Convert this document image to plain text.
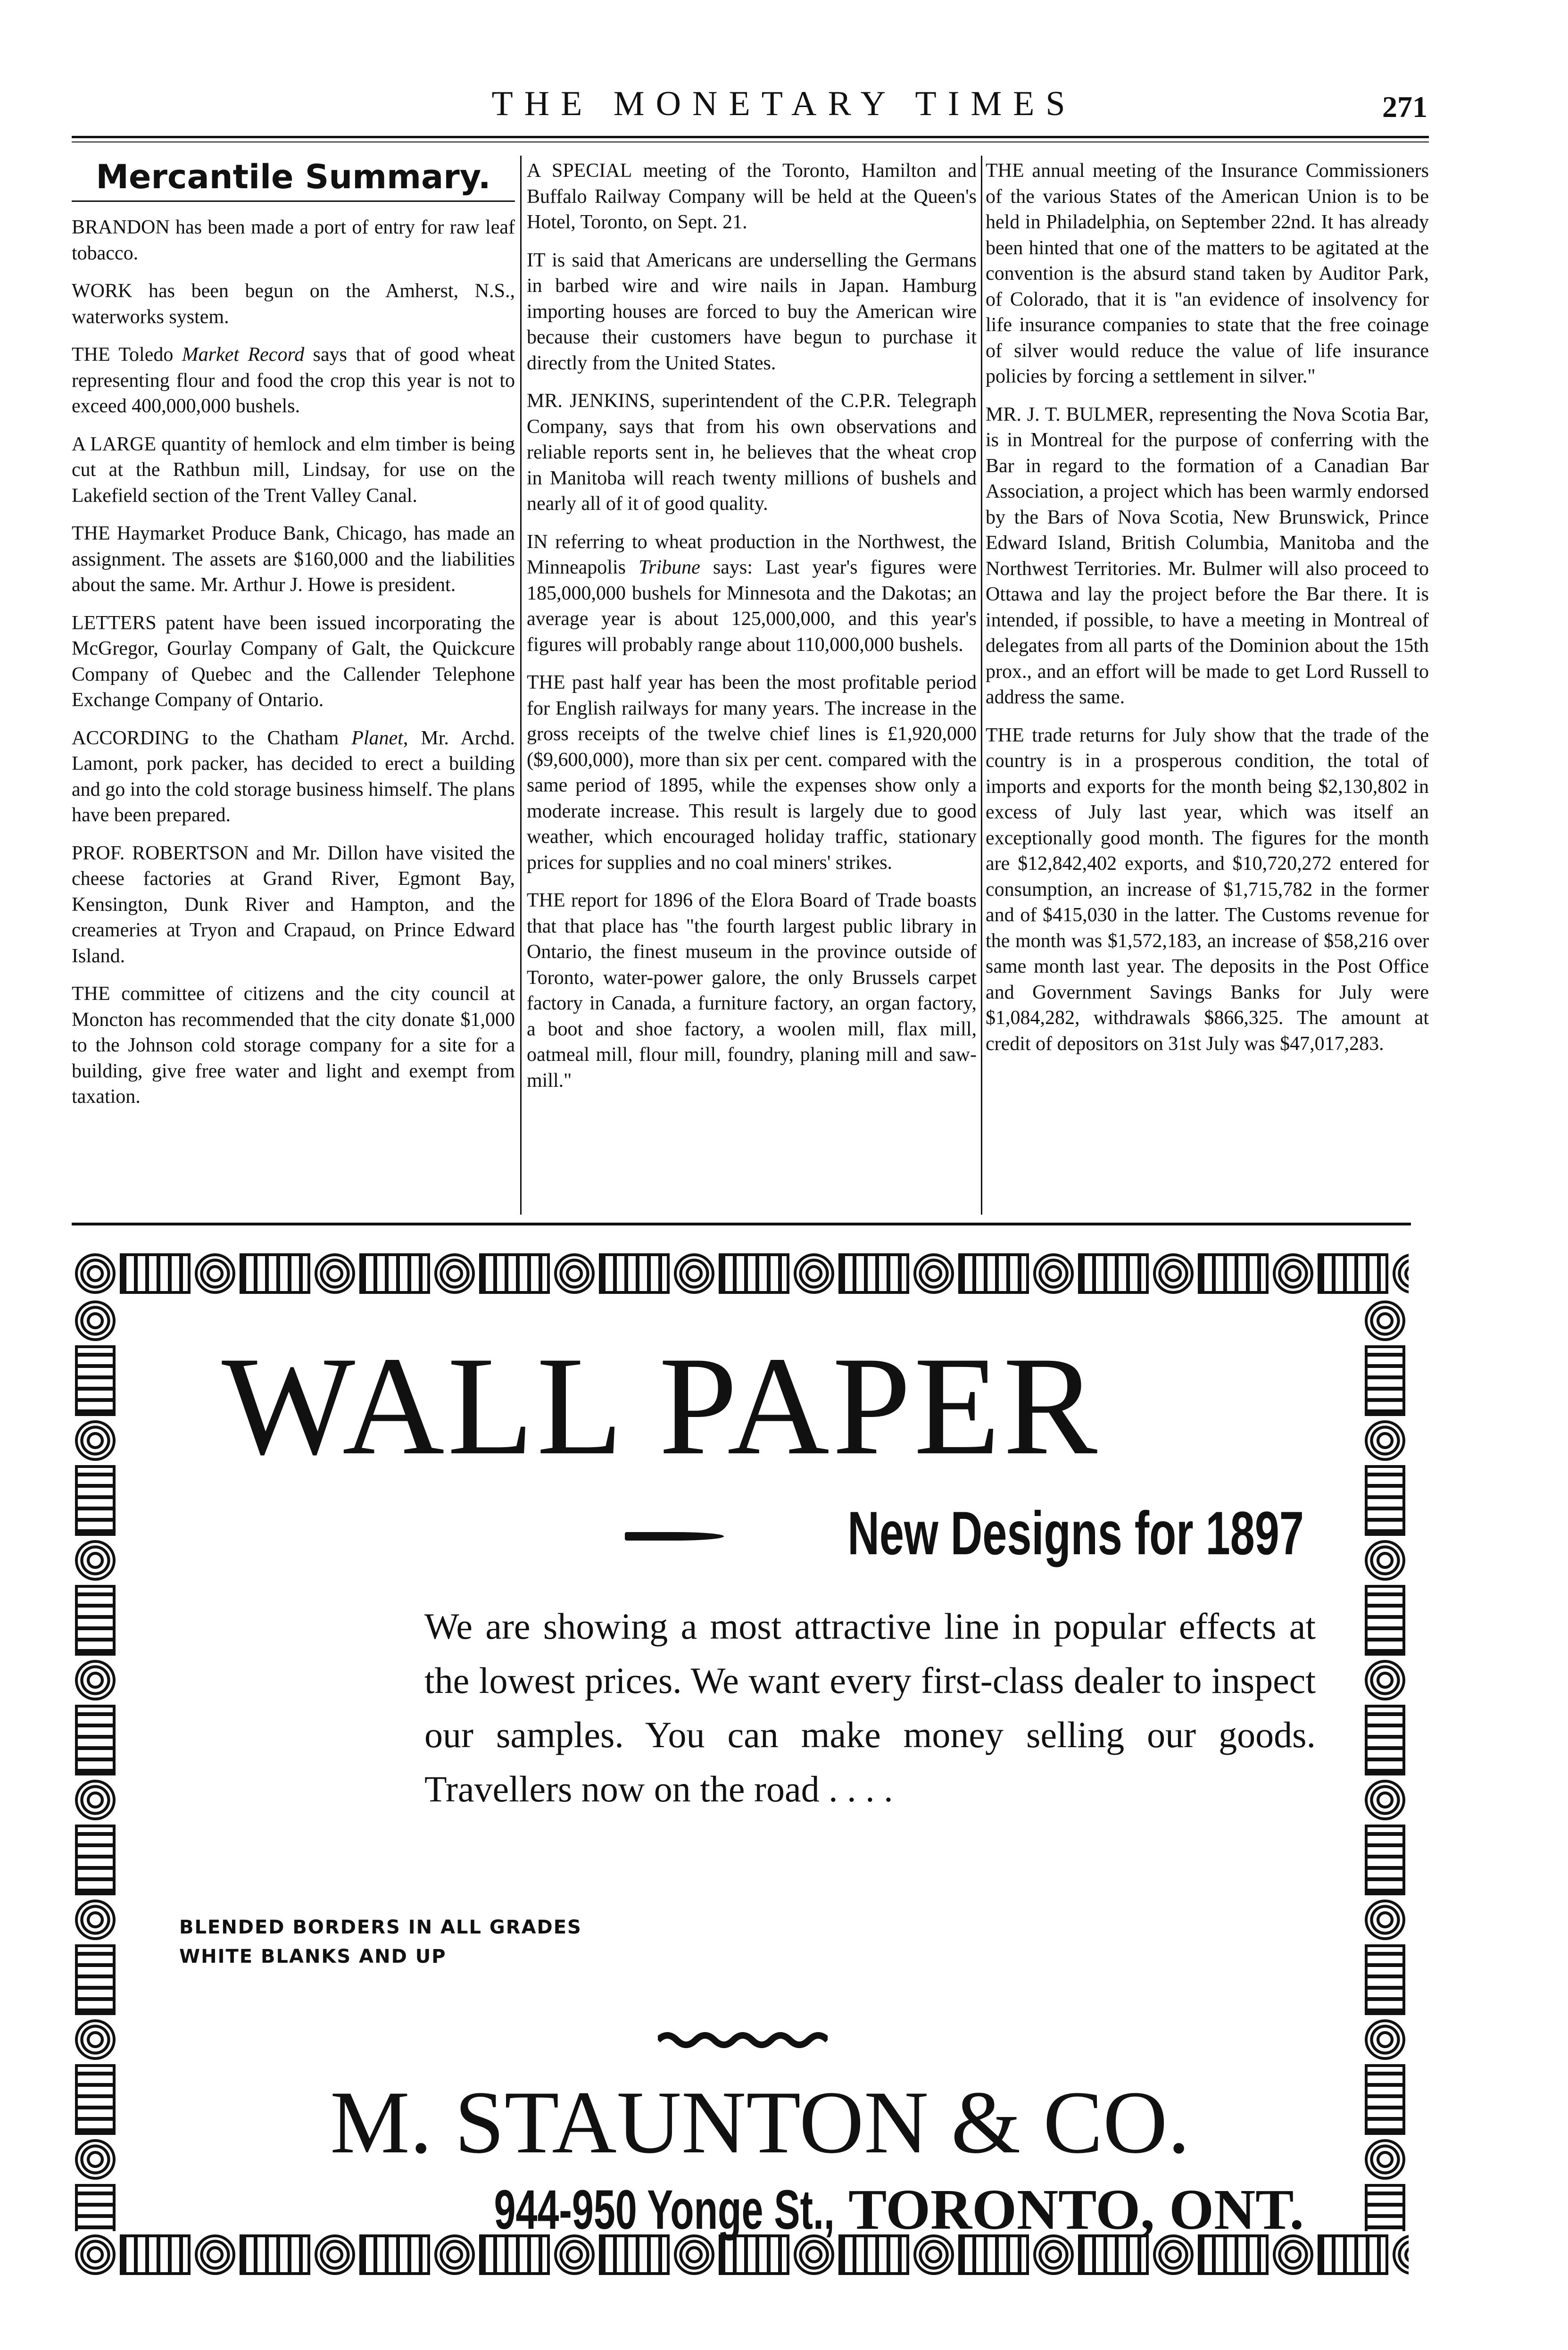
THE MONETARY TIMES	271
Mercantile Summary.

BRANDON has been made a port of entry for raw leaf tobacco.

WORK has been begun on the Amherst, N.S., waterworks system.

THE Toledo Market Record says that of good wheat representing flour and food the crop this year is not to exceed 400,000,000 bushels.

A LARGE quantity of hemlock and elm timber is being cut at the Rathbun mill, Lindsay, for use on the Lakefield section of the Trent Valley Canal.

THE Haymarket Produce Bank, Chicago, has made an assignment. The assets are $160,000 and the liabilities about the same. Mr. Arthur J. Howe is president.

LETTERS patent have been issued incorporating the McGregor, Gourlay Company of Galt, the Quickcure Company of Quebec and the Callender Telephone Exchange Company of Ontario.

ACCORDING to the Chatham Planet, Mr. Archd. Lamont, pork packer, has decided to erect a building and go into the cold storage business himself. The plans have been prepared.

PROF. ROBERTSON and Mr. Dillon have visited the cheese factories at Grand River, Egmont Bay, Kensington, Dunk River and Hampton, and the creameries at Tryon and Crapaud, on Prince Edward Island.

THE committee of citizens and the city council at Moncton has recommended that the city donate $1,000 to the Johnson cold storage company for a site for a building, give free water and light and exempt from taxation.

A SPECIAL meeting of the Toronto, Hamilton and Buffalo Railway Company will be held at the Queen's Hotel, Toronto, on Sept. 21.

IT is said that Americans are underselling the Germans in barbed wire and wire nails in Japan. Hamburg importing houses are forced to buy the American wire because their customers have begun to purchase it directly from the United States.

MR. JENKINS, superintendent of the C.P.R. Telegraph Company, says that from his own observations and reliable reports sent in, he believes that the wheat crop in Manitoba will reach twenty millions of bushels and nearly all of it of good quality.

IN referring to wheat production in the Northwest, the Minneapolis Tribune says: Last year's figures were 185,000,000 bushels for Minnesota and the Dakotas; an average year is about 125,000,000, and this year's figures will probably range about 110,000,000 bushels.

THE past half year has been the most profitable period for English railways for many years. The increase in the gross receipts of the twelve chief lines is £1,920,000 ($9,600,000), more than six per cent. compared with the same period of 1895, while the expenses show only a moderate increase. This result is largely due to good weather, which encouraged holiday traffic, stationary prices for supplies and no coal miners' strikes.

THE report for 1896 of the Elora Board of Trade boasts that that place has "the fourth largest public library in Ontario, the finest museum in the province outside of Toronto, water-power galore, the only Brussels carpet factory in Canada, a furniture factory, an organ factory, a boot and shoe factory, a woolen mill, flax mill, oatmeal mill, flour mill, foundry, planing mill and saw-mill."

THE annual meeting of the Insurance Commissioners of the various States of the American Union is to be held in Philadelphia, on September 22nd. It has already been hinted that one of the matters to be agitated at the convention is the absurd stand taken by Auditor Park, of Colorado, that it is "an evidence of insolvency for life insurance companies to state that the free coinage of silver would reduce the value of life insurance policies by forcing a settlement in silver."

MR. J. T. BULMER, representing the Nova Scotia Bar, is in Montreal for the purpose of conferring with the Bar in regard to the formation of a Canadian Bar Association, a project which has been warmly endorsed by the Bars of Nova Scotia, New Brunswick, Prince Edward Island, British Columbia, Manitoba and the Northwest Territories. Mr. Bulmer will also proceed to Ottawa and lay the project before the Bar there. It is intended, if possible, to have a meeting in Montreal of delegates from all parts of the Dominion about the 15th prox., and an effort will be made to get Lord Russell to address the same.

THE trade returns for July show that the trade of the country is in a prosperous condition, the total of imports and exports for the month being $2,130,802 in excess of July last year, which was itself an exceptionally good month. The figures for the month are $12,842,402 exports, and $10,720,272 entered for consumption, an increase of $1,715,782 in the former and of $415,030 in the latter. The Customs revenue for the month was $1,572,183, an increase of $58,216 over same month last year. The deposits in the Post Office and Government Savings Banks for July were $1,084,282, withdrawals $866,325. The amount at credit of depositors on 31st July was $47,017,283.

WALL PAPER
New Designs for 1897
We are showing a most attractive line in popular effects at the lowest prices. We want every first-class dealer to inspect our samples. You can make money selling our goods. Travellers now on the road . . . .
BLENDED BORDERS IN ALL GRADES
WHITE BLANKS AND UP
M. STAUNTON & CO.
944-950 Yonge St., TORONTO, ONT.
